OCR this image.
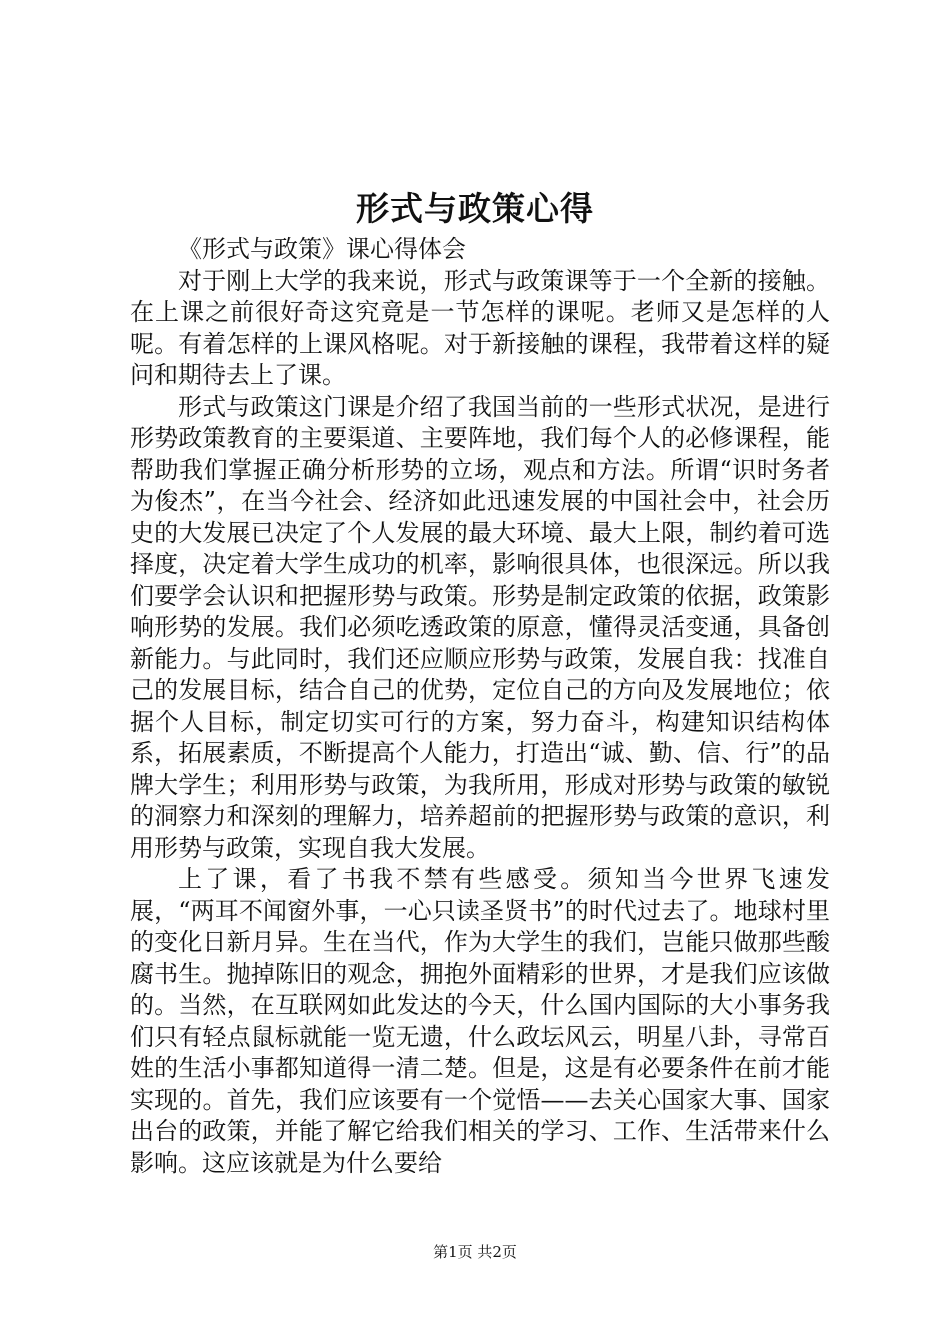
形式与政策心得

《形式与政策》课心得体会

对于刚上大学的我来说，形式与政策课等于一个全新的接触。在上课之前很好奇这究竟是一节怎样的课呢。老师又是怎样的人呢。有着怎样的上课风格呢。对于新接触的课程，我带着这样的疑问和期待去上了课。

形式与政策这门课是介绍了我国当前的一些形式状况，是进行形势政策教育的主要渠道、主要阵地，我们每个人的必修课程，能帮助我们掌握正确分析形势的立场，观点和方法。所谓“识时务者为俊杰”，在当今社会、经济如此迅速发展的中国社会中，社会历史的大发展已决定了个人发展的最大环境、最大上限，制约着可选择度，决定着大学生成功的机率，影响很具体，也很深远。所以我们要学会认识和把握形势与政策。形势是制定政策的依据，政策影响形势的发展。我们必须吃透政策的原意，懂得灵活变通，具备创新能力。与此同时，我们还应顺应形势与政策，发展自我：找准自己的发展目标，结合自己的优势，定位自己的方向及发展地位；依据个人目标，制定切实可行的方案，努力奋斗，构建知识结构体系，拓展素质，不断提高个人能力，打造出“诚、勤、信、行”的品牌大学生；利用形势与政策，为我所用，形成对形势与政策的敏锐的洞察力和深刻的理解力，培养超前的把握形势与政策的意识，利用形势与政策，实现自我大发展。

上了课，看了书我不禁有些感受。须知当今世界飞速发展，“两耳不闻窗外事，一心只读圣贤书”的时代过去了。地球村里的变化日新月异。生在当代，作为大学生的我们，岂能只做那些酸腐书生。抛掉陈旧的观念，拥抱外面精彩的世界，才是我们应该做的。当然，在互联网如此发达的今天，什么国内国际的大小事务我们只有轻点鼠标就能一览无遗，什么政坛风云，明星八卦，寻常百姓的生活小事都知道得一清二楚。但是，这是有必要条件在前才能实现的。首先，我们应该要有一个觉悟——去关心国家大事、国家出台的政策，并能了解它给我们相关的学习、工作、生活带来什么影响。这应该就是为什么要给

第1页 共2页
